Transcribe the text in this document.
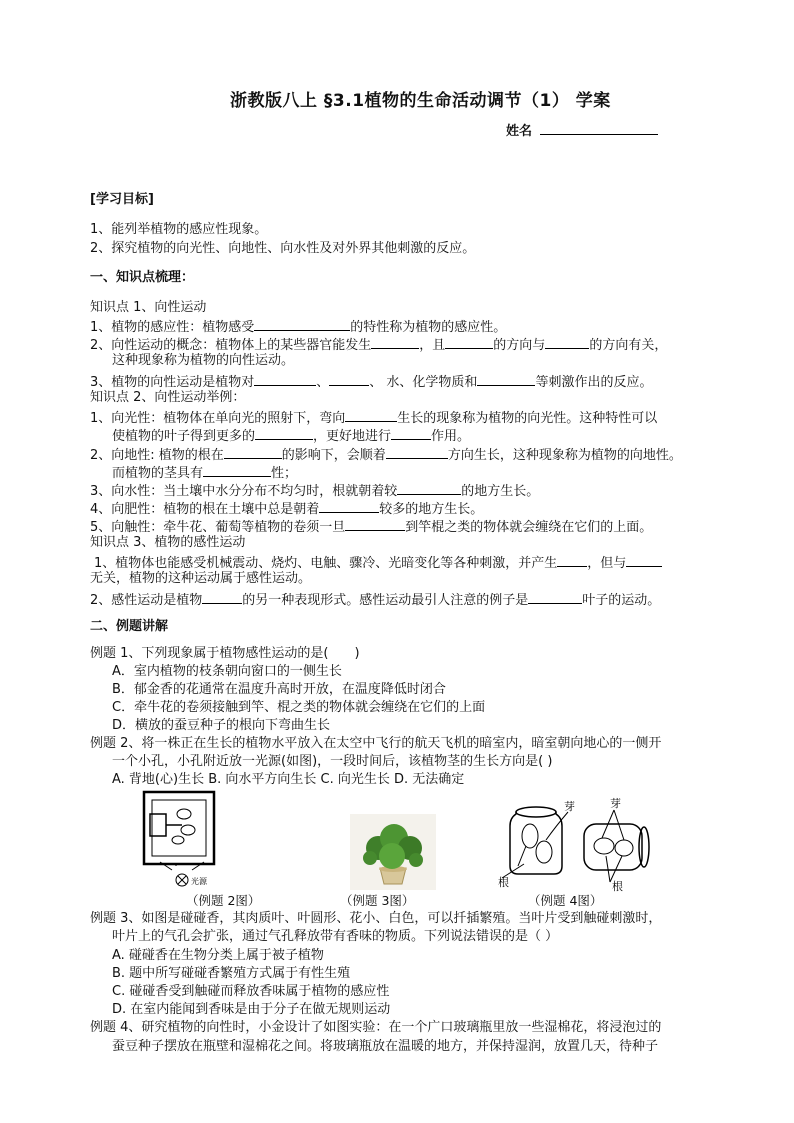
浙教版八上 §3.1植物的生命活动调节（1） 学案
姓名
[学习目标]
1、能列举植物的感应性现象。
2、探究植物的向光性、向地性、向水性及对外界其他刺激的反应。
一、知识点梳理：
知识点 1、向性运动
1、植物的感应性：植物感受	的特性称为植物的感应性。
2、向性运动的概念：植物体上的某些器官能发生	，且	的方向与	的方向有关，
这种现象称为植物的向性运动。
3、植物的向性运动是植物对	、	、 水、化学物质和	等刺激作出的反应。
知识点 2、向性运动举例：
1、向光性：植物体在单向光的照射下，弯向	生长的现象称为植物的向光性。这种特性可以
使植物的叶子得到更多的	，更好地进行	作用。
2、向地性: 植物的根在	的影响下，会顺着	方向生长，这种现象称为植物的向地性。
而植物的茎具有	性；
3、向水性：当土壤中水分分布不均匀时，根就朝着较	的地方生长。
4、向肥性：植物的根在土壤中总是朝着	较多的地方生长。
5、向触性：牵牛花、葡萄等植物的卷须一旦	到竿棍之类的物体就会缠绕在它们的上面。
知识点 3、植物的感性运动
1、植物体也能感受机械震动、烧灼、电触、骤冷、光暗变化等各种刺激，并产生 ，但与
无关，植物的这种运动属于感性运动。
2、感性运动是植物	的另一种表现形式。感性运动最引人注意的例子是	叶子的运动。
二、例题讲解
例题 1、下列现象属于植物感性运动的是(　　)
A．室内植物的枝条朝向窗口的一侧生长
B．郁金香的花通常在温度升高时开放，在温度降低时闭合
C．牵牛花的卷须接触到竿、棍之类的物体就会缠绕在它们的上面
D．横放的蚕豆种子的根向下弯曲生长
例题 2、将一株正在生长的植物水平放入在太空中飞行的航天飞机的暗室内，暗室朝向地心的一侧开
一个小孔，小孔附近放一光源(如图)，一段时间后，该植物茎的生长方向是( )
A. 背地(心)生长 B. 向水平方向生长 C. 向光生长 D. 无法确定
光源
（例题 2图）	（例题 3图）
芽
根
芽
根
（例题 4图）
例题 3、如图是碰碰香，其肉质叶、叶圆形、花小、白色，可以扦插繁殖。当叶片受到触碰刺激时，
叶片上的气孔会扩张，通过气孔释放带有香味的物质。下列说法错误的是（ ）
A. 碰碰香在生物分类上属于被子植物
B. 题中所写碰碰香繁殖方式属于有性生殖
C. 碰碰香受到触碰而释放香味属于植物的感应性
D. 在室内能闻到香味是由于分子在做无规则运动
例题 4、研究植物的向性时，小金设计了如图实验：在一个广口玻璃瓶里放一些湿棉花，将浸泡过的
蚕豆种子摆放在瓶壁和湿棉花之间。将玻璃瓶放在温暖的地方，并保持湿润，放置几天，待种子
